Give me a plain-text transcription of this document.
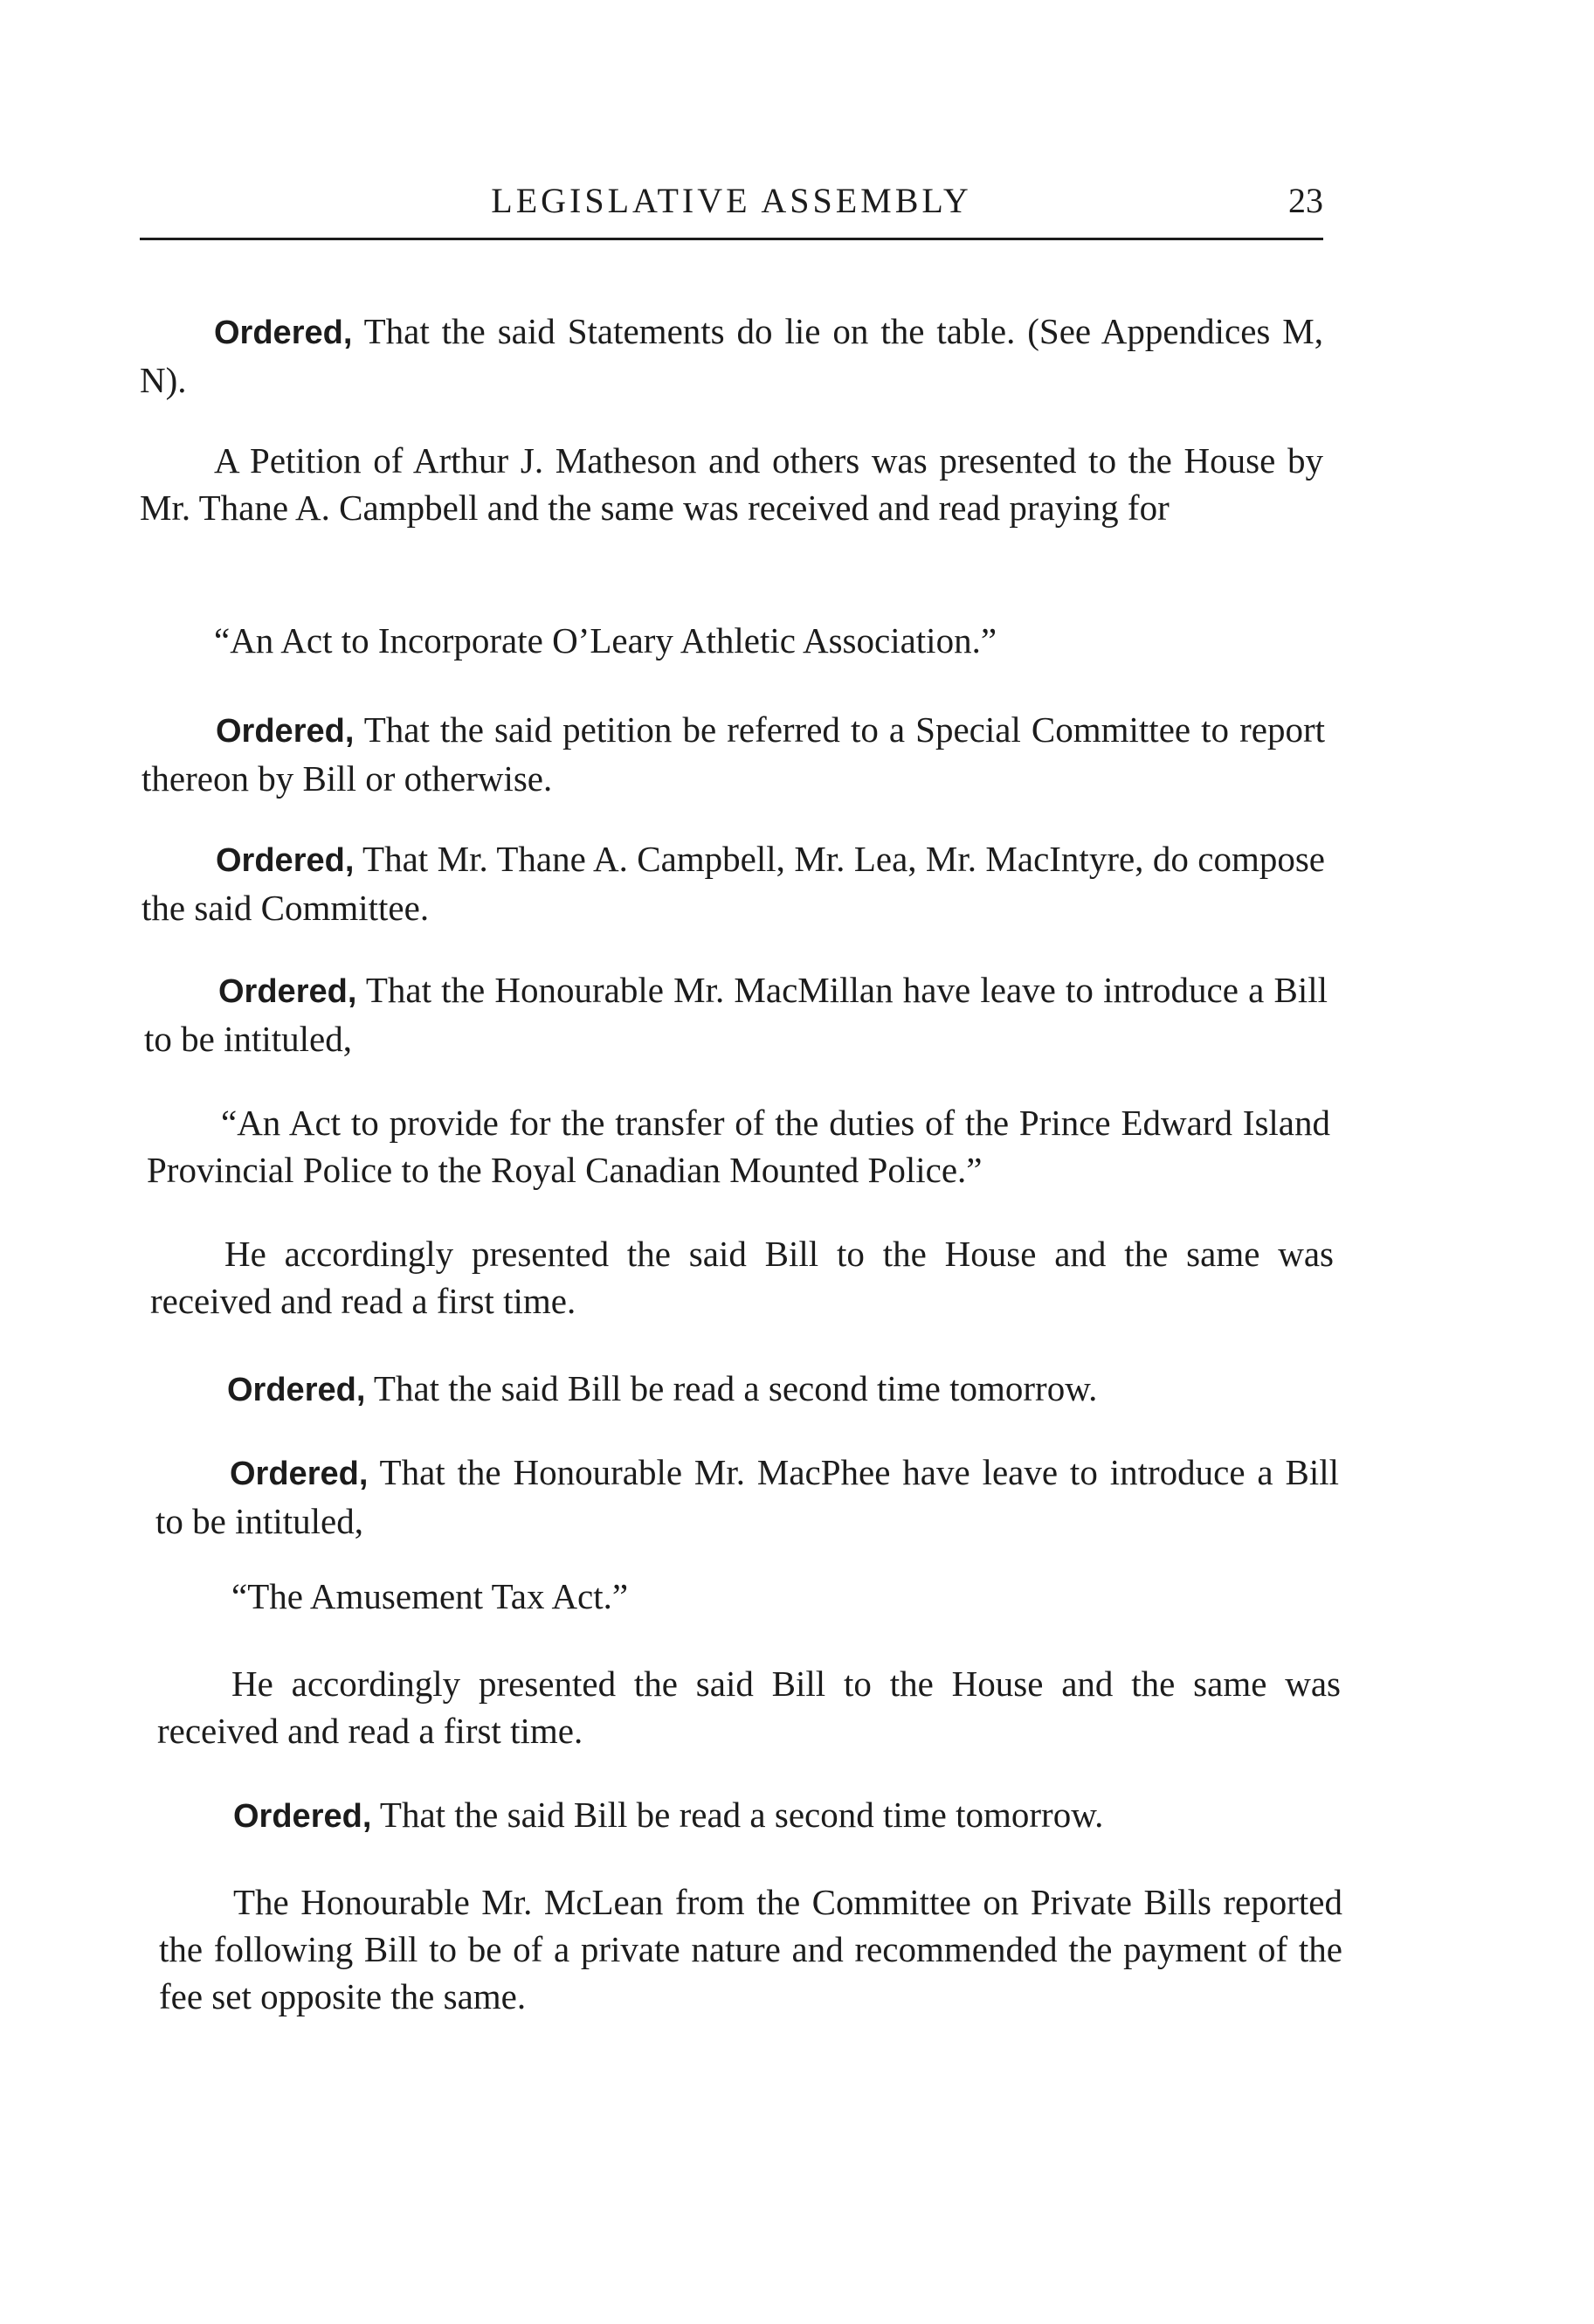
LEGISLATIVE ASSEMBLY	23

Ordered, That the said Statements do lie on the table. (See Appendices M, N).

A Petition of Arthur J. Matheson and others was presented to the House by Mr. Thane A. Campbell and the same was received and read praying for

“An Act to Incorporate O’Leary Athletic Association.”

Ordered, That the said petition be referred to a Special Committee to report thereon by Bill or otherwise.

Ordered, That Mr. Thane A. Campbell, Mr. Lea, Mr. MacIntyre, do compose the said Committee.

Ordered, That the Honourable Mr. MacMillan have leave to introduce a Bill to be intituled,

“An Act to provide for the transfer of the duties of the Prince Edward Island Provincial Police to the Royal Canadian Mounted Police.”

He accordingly presented the said Bill to the House and the same was received and read a first time.

Ordered, That the said Bill be read a second time tomorrow.

Ordered, That the Honourable Mr. MacPhee have leave to introduce a Bill to be intituled,

“The Amusement Tax Act.”

He accordingly presented the said Bill to the House and the same was received and read a first time.

Ordered, That the said Bill be read a second time tomorrow.

The Honourable Mr. McLean from the Committee on Private Bills reported the following Bill to be of a private nature and recommended the payment of the fee set opposite the same.
